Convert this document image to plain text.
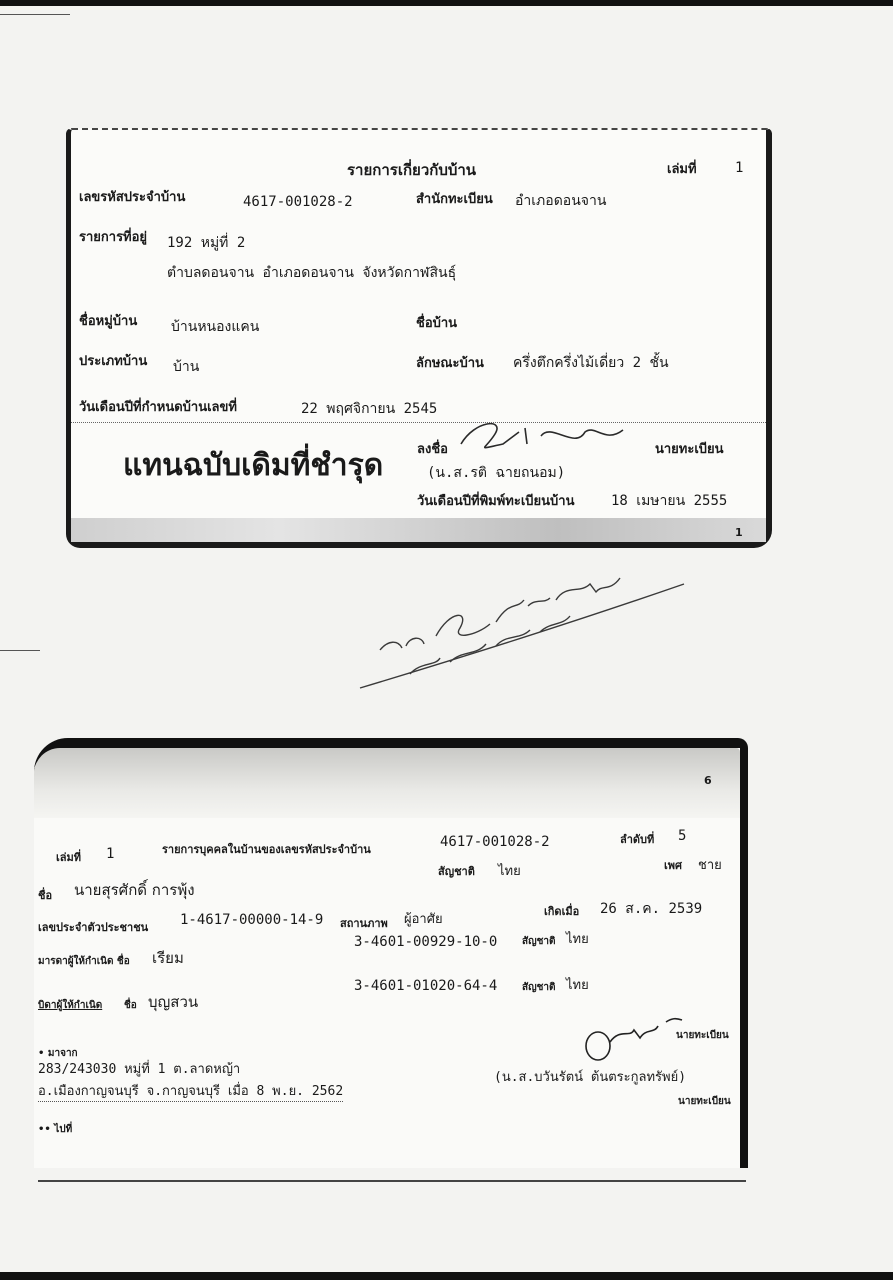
รายการเกี่ยวกับบ้าน	เล่มที่	1
เลขรหัสประจำบ้าน	4617-001028-2	สำนักทะเบียน อำเภอดอนจาน
รายการที่อยู่ 192 หมู่ที่ 2
ตำบลดอนจาน อำเภอดอนจาน จังหวัดกาฬสินธุ์
ชื่อหมู่บ้าน บ้านหนองแคน	ชื่อบ้าน
ประเภทบ้าน บ้าน	ลักษณะบ้าน ครึ่งตึกครึ่งไม้เดี่ยว 2 ชั้น
วันเดือนปีที่กำหนดบ้านเลขที่	22 พฤศจิกายน 2545
แทนฉบับเดิมที่ชำรุด	ลงชื่อ	นายทะเบียน
(น.ส.รติ ฉายถนอม)
วันเดือนปีที่พิมพ์ทะเบียนบ้าน	18 เมษายน 2555
1
6
เล่มที่ 1	รายการบุคคลในบ้านของเลขรหัสประจำบ้าน	4617-001028-2	ลำดับที่ 5
สัญชาติ ไทย	เพศ ชาย
ชื่อ นายสุรศักดิ์ การพุ้ง
เลขประจำตัวประชาชน 1-4617-00000-14-9 สถานภาพ ผู้อาศัย
เกิดเมื่อ 26 ส.ค. 2539
3-4601-00929-10-0 สัญชาติ ไทย
มารดาผู้ให้กำเนิด ชื่อ เรียม
3-4601-01020-64-4 สัญชาติ ไทย
บิดาผู้ให้กำเนิด ชื่อ บุญสวน
นายทะเบียน
• มาจาก
283/243030 หมู่ที่ 1 ต.ลาดหญ้า
อ.เมืองกาญจนบุรี จ.กาญจนบุรี เมื่อ 8 พ.ย. 2562
(น.ส.บวันรัตน์ ต้นตระกูลทรัพย์)
นายทะเบียน
•• ไปที่
